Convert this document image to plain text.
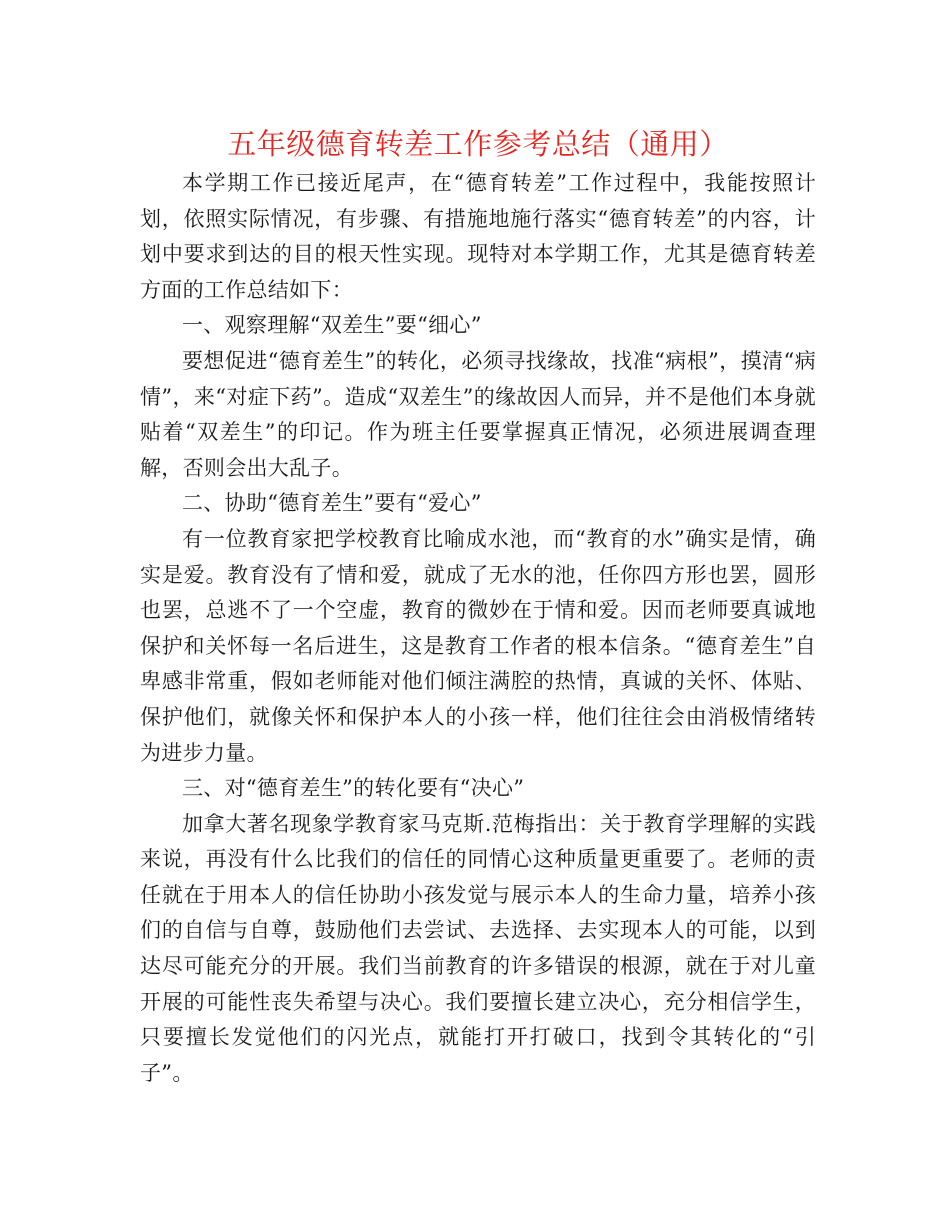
五年级德育转差工作参考总结（通用）

本学期工作已接近尾声，在“德育转差”工作过程中，我能按照计划，依照实际情况，有步骤、有措施地施行落实“德育转差”的内容，计划中要求到达的目的根天性实现。现特对本学期工作，尤其是德育转差方面的工作总结如下：

一、观察理解“双差生”要“细心”

要想促进“德育差生”的转化，必须寻找缘故，找准“病根”，摸清“病情”，来“对症下药”。造成“双差生”的缘故因人而异，并不是他们本身就贴着“双差生”的印记。作为班主任要掌握真正情况，必须进展调查理解，否则会出大乱子。

二、协助“德育差生”要有“爱心”

有一位教育家把学校教育比喻成水池，而“教育的水”确实是情，确实是爱。教育没有了情和爱，就成了无水的池，任你四方形也罢，圆形也罢，总逃不了一个空虚，教育的微妙在于情和爱。因而老师要真诚地保护和关怀每一名后进生，这是教育工作者的根本信条。“德育差生”自卑感非常重，假如老师能对他们倾注满腔的热情，真诚的关怀、体贴、保护他们，就像关怀和保护本人的小孩一样，他们往往会由消极情绪转为进步力量。

三、对“德育差生”的转化要有“决心”

加拿大著名现象学教育家马克斯.范梅指出：关于教育学理解的实践来说，再没有什么比我们的信任的同情心这种质量更重要了。老师的责任就在于用本人的信任协助小孩发觉与展示本人的生命力量，培养小孩们的自信与自尊，鼓励他们去尝试、去选择、去实现本人的可能，以到达尽可能充分的开展。我们当前教育的许多错误的根源，就在于对儿童开展的可能性丧失希望与决心。我们要擅长建立决心，充分相信学生，只要擅长发觉他们的闪光点，就能打开打破口，找到令其转化的“引子”。
